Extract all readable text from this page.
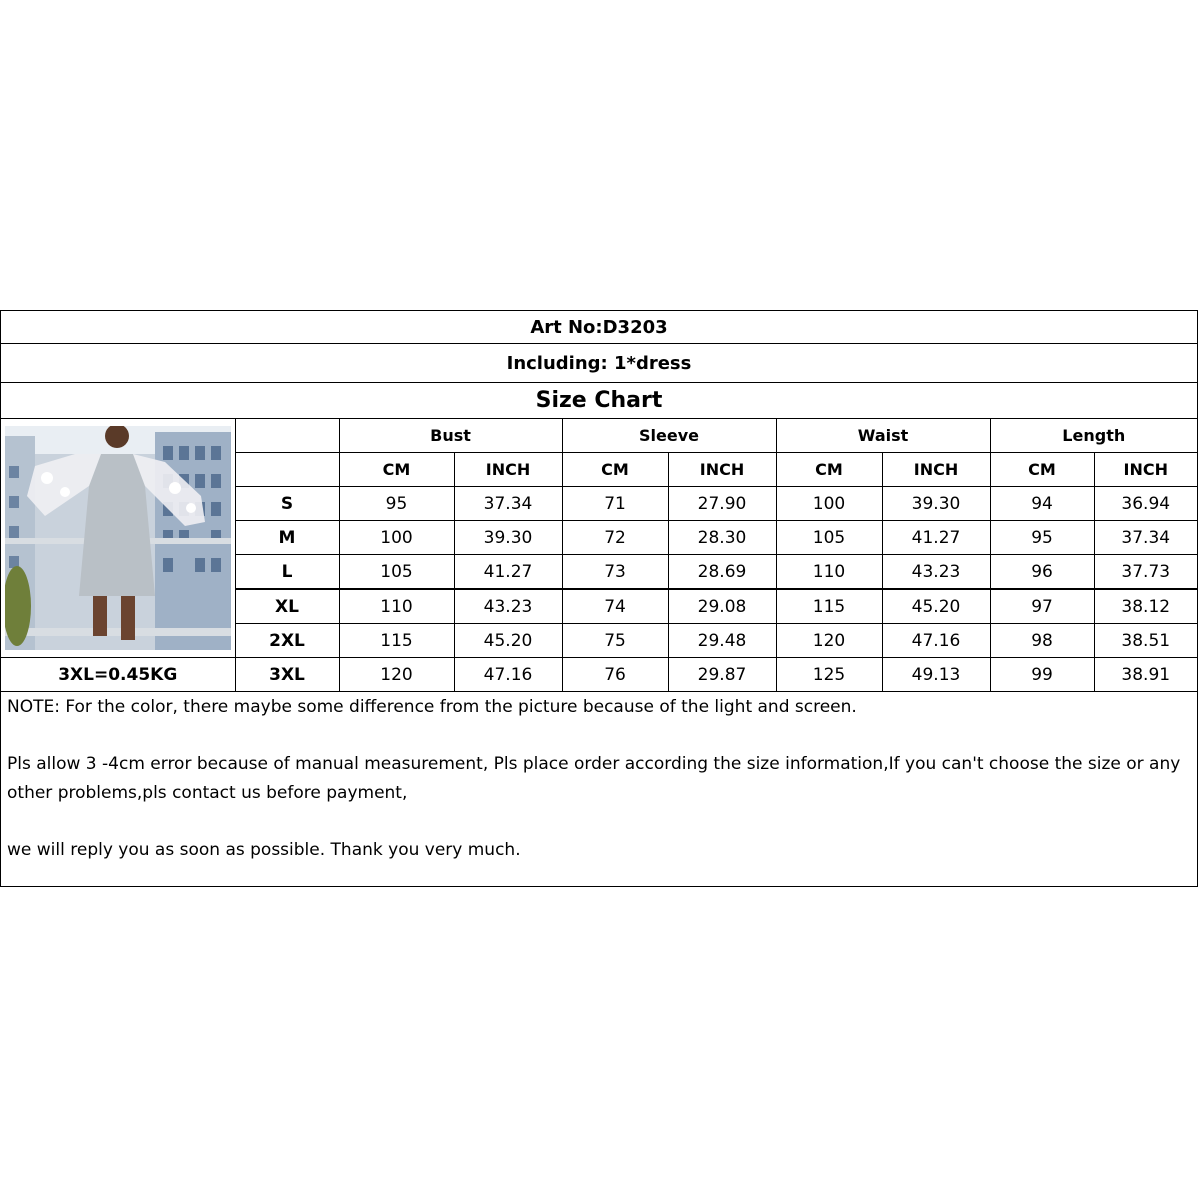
Art No:D3203
Including: 1*dress
Size Chart
		Bust		Sleeve		Waist		Length	
		CM	INCH	CM	INCH	CM	INCH	CM	INCH
	S	95	37.34	71	27.90	100	39.30	94	36.94
	M	100	39.30	72	28.30	105	41.27	95	37.34
	L	105	41.27	73	28.69	110	43.23	96	37.73
	XL	110	43.23	74	29.08	115	45.20	97	38.12
	2XL	115	45.20	75	29.48	120	47.16	98	38.51
3XL=0.45KG	3XL	120	47.16	76	29.87	125	49.13	99	38.91

NOTE: For the color, there maybe some difference from the picture because of the light and screen.

Pls allow 3 -4cm error because of manual measurement, Pls place order according the size information,If you can't choose the size or any other problems,pls contact us before payment,

we will reply you as soon as possible. Thank you very much.
